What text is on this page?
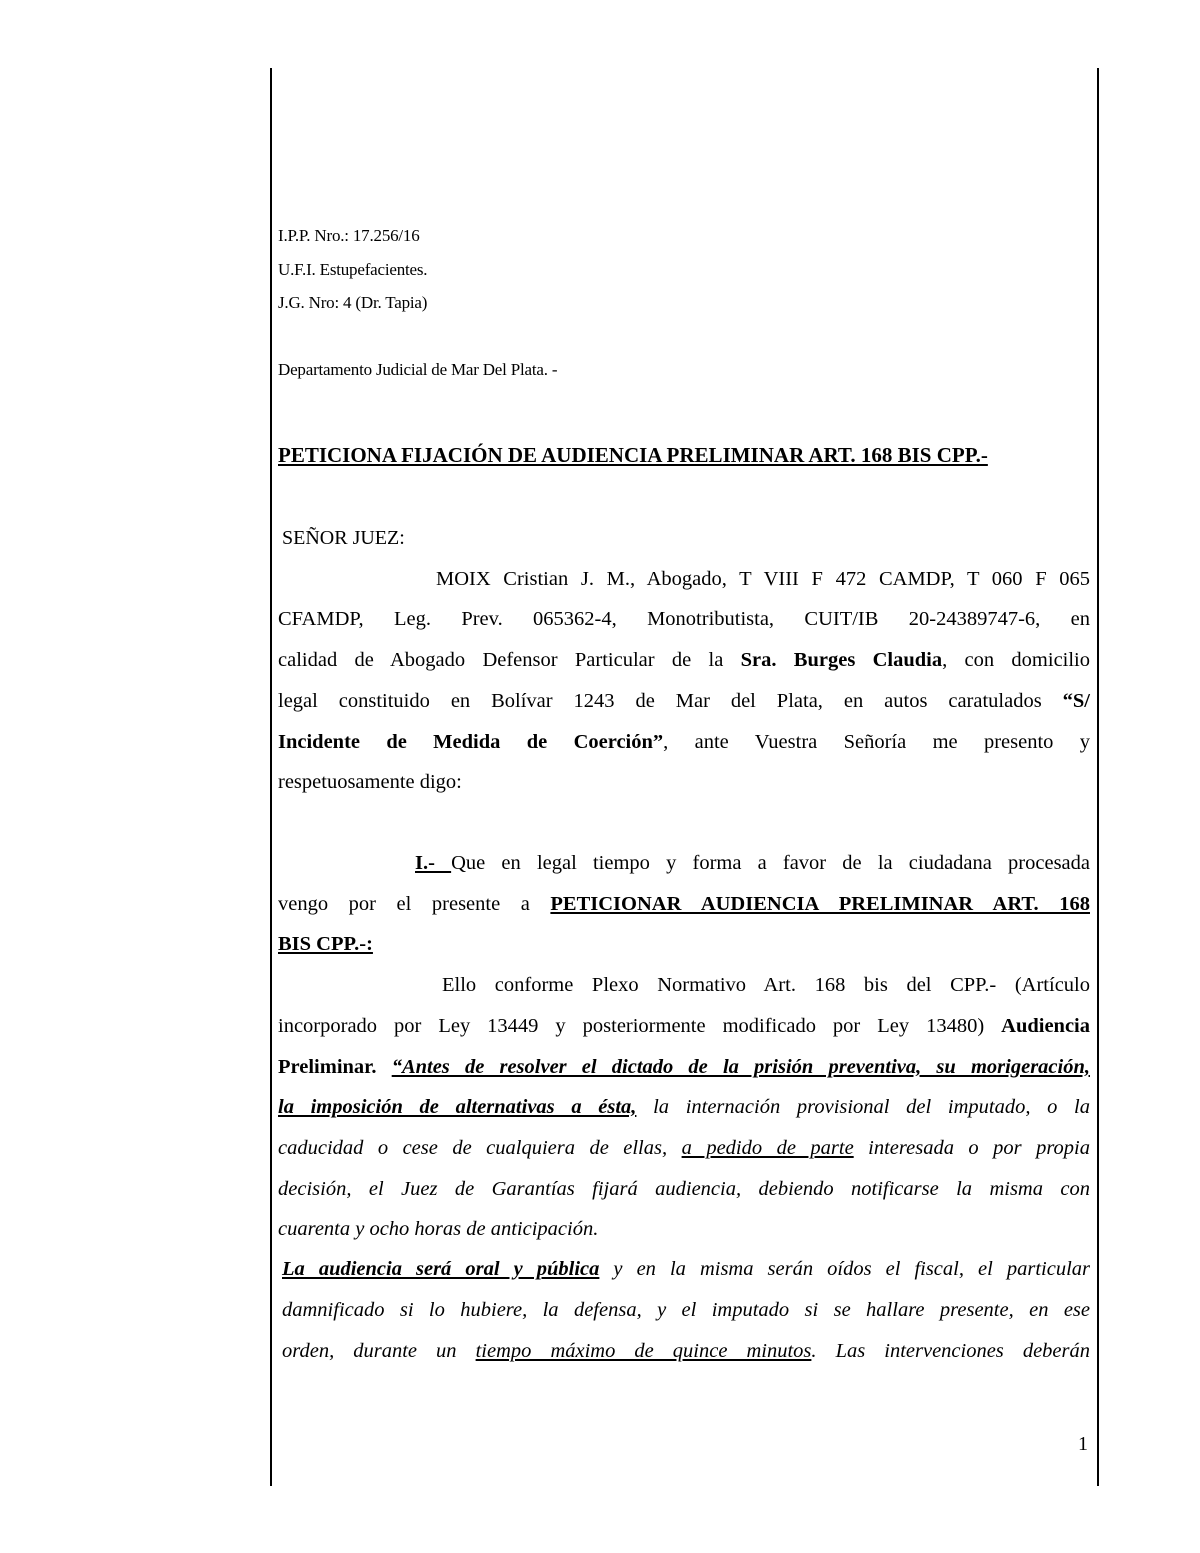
I.P.P. Nro.: 17.256/16
U.F.I. Estupefacientes.
J.G. Nro: 4 (Dr. Tapia)
Departamento Judicial de Mar Del Plata. -
PETICIONA FIJACIÓN DE AUDIENCIA PRELIMINAR ART. 168 BIS CPP.-
SEÑOR JUEZ:
MOIX Cristian J. M., Abogado, T VIII F 472 CAMDP, T 060 F 065
CFAMDP, Leg. Prev. 065362-4, Monotributista, CUIT/IB 20-24389747-6, en
calidad de Abogado Defensor Particular de la Sra. Burges Claudia, con domicilio
legal constituido en Bolívar 1243 de Mar del Plata, en autos caratulados “S/
Incidente de Medida de Coerción”, ante Vuestra Señoría me presento y
respetuosamente digo:
I.- Que en legal tiempo y forma a favor de la ciudadana procesada
vengo por el presente a PETICIONAR AUDIENCIA PRELIMINAR ART. 168
BIS CPP.-:
Ello conforme Plexo Normativo Art. 168 bis del CPP.- (Artículo
incorporado por Ley 13449 y posteriormente modificado por Ley 13480) Audiencia
Preliminar. “Antes de resolver el dictado de la prisión preventiva, su morigeración,
la imposición de alternativas a ésta, la internación provisional del imputado, o la
caducidad o cese de cualquiera de ellas, a pedido de parte interesada o por propia
decisión, el Juez de Garantías fijará audiencia, debiendo notificarse la misma con
cuarenta y ocho horas de anticipación.
La audiencia será oral y pública y en la misma serán oídos el fiscal, el particular
damnificado si lo hubiere, la defensa, y el imputado si se hallare presente, en ese
orden, durante un tiempo máximo de quince minutos. Las intervenciones deberán
1
